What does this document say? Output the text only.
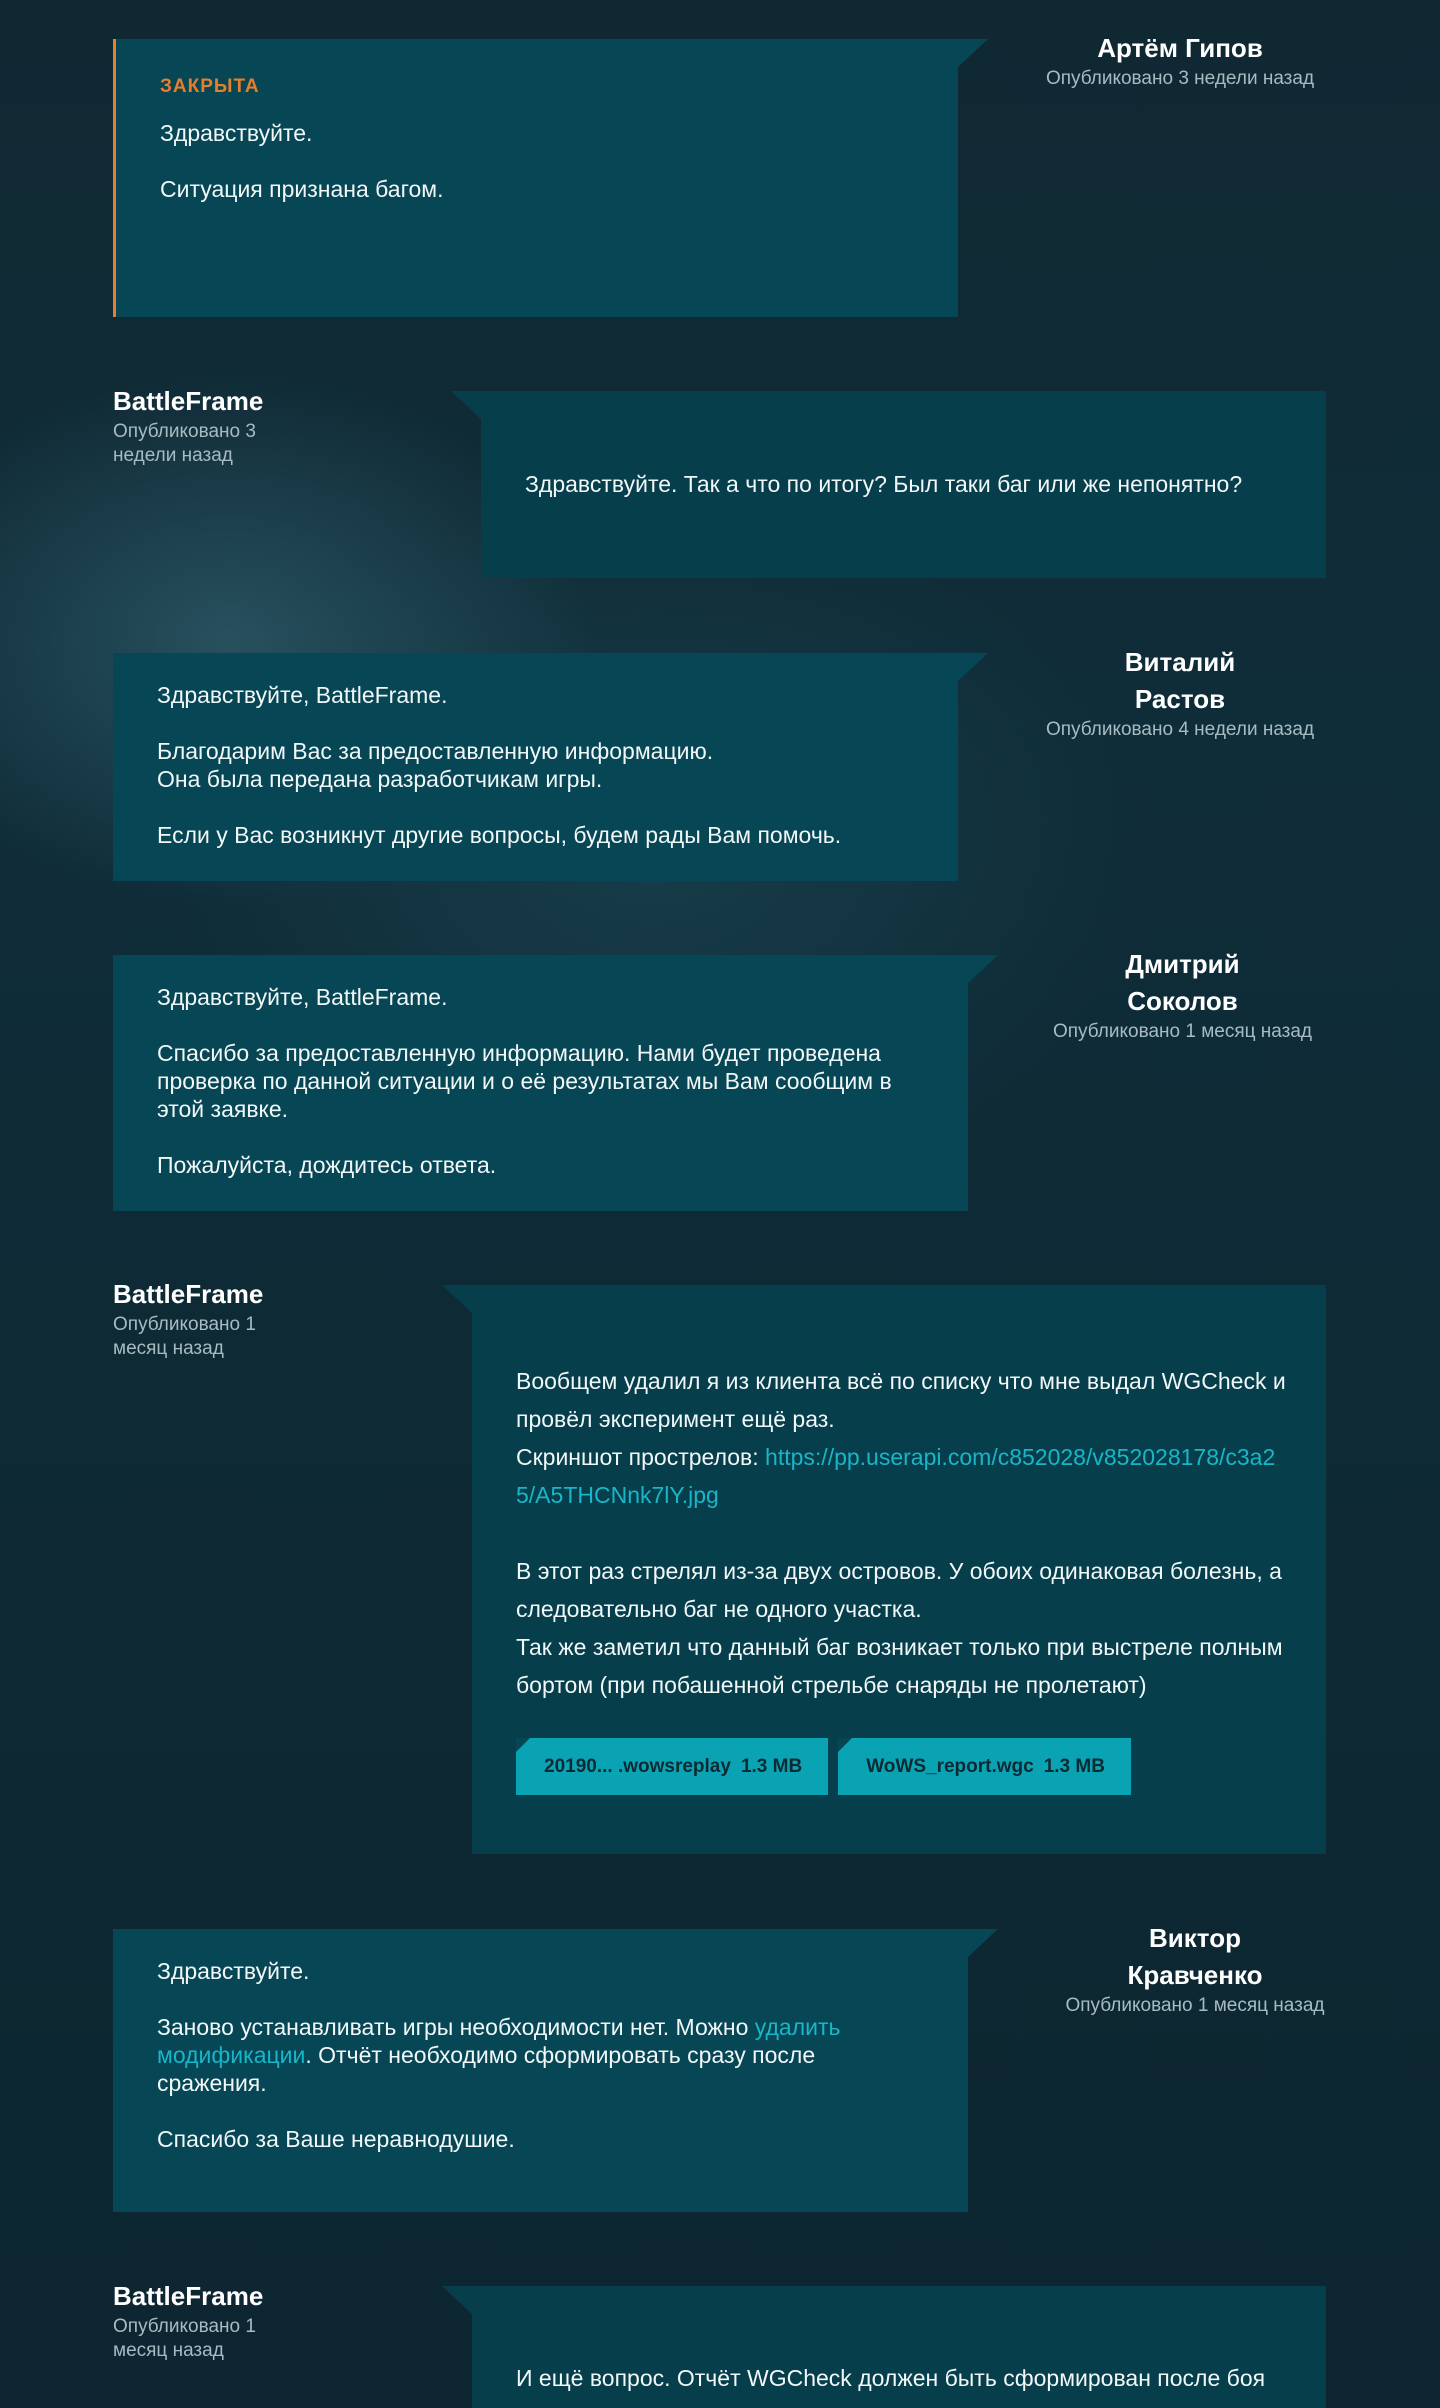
ЗАКРЫТА

Здравствуйте.

Ситуация признана багом.

Артём Гипов
Опубликовано 3 недели назад
BattleFrame
Опубликовано 3 недели назад

Здравствуйте. Так а что по итогу? Был таки баг или же непонятно?

Здравствуйте, BattleFrame.

Благодарим Вас за предоставленную информацию.
Она была передана разработчикам игры.

Если у Вас возникнут другие вопросы, будем рады Вам помочь.

Виталий
Растов
Опубликовано 4 недели назад

Здравствуйте, BattleFrame.

Спасибо за предоставленную информацию. Нами будет проведена проверка по данной ситуации и о её результатах мы Вам сообщим в этой заявке.

Пожалуйста, дождитесь ответа.

Дмитрий
Соколов
Опубликовано 1 месяц назад
BattleFrame
Опубликовано 1 месяц назад

Вообщем удалил я из клиента всё по списку что мне выдал WGCheck и провёл эксперимент ещё раз.
Скриншот прострелов: https://pp.userapi.com/c852028/v852028178/c3a25/A5THCNnk7lY.jpg

В этот раз стрелял из-за двух островов. У обоих одинаковая болезнь, а следовательно баг не одного участка.
Так же заметил что данный баг возникает только при выстреле полным бортом (при побашенной стрельбе снаряды не пролетают)

20190... .wowsreplay 1.3 MB	WoWS_report.wgc 1.3 MB

Здравствуйте.

Заново устанавливать игры необходимости нет. Можно удалить модификации. Отчёт необходимо сформировать сразу после сражения.

Спасибо за Ваше неравнодушие.

Виктор
Кравченко
Опубликовано 1 месяц назад
BattleFrame
Опубликовано 1 месяц назад

И ещё вопрос. Отчёт WGCheck должен быть сформирован после боя
